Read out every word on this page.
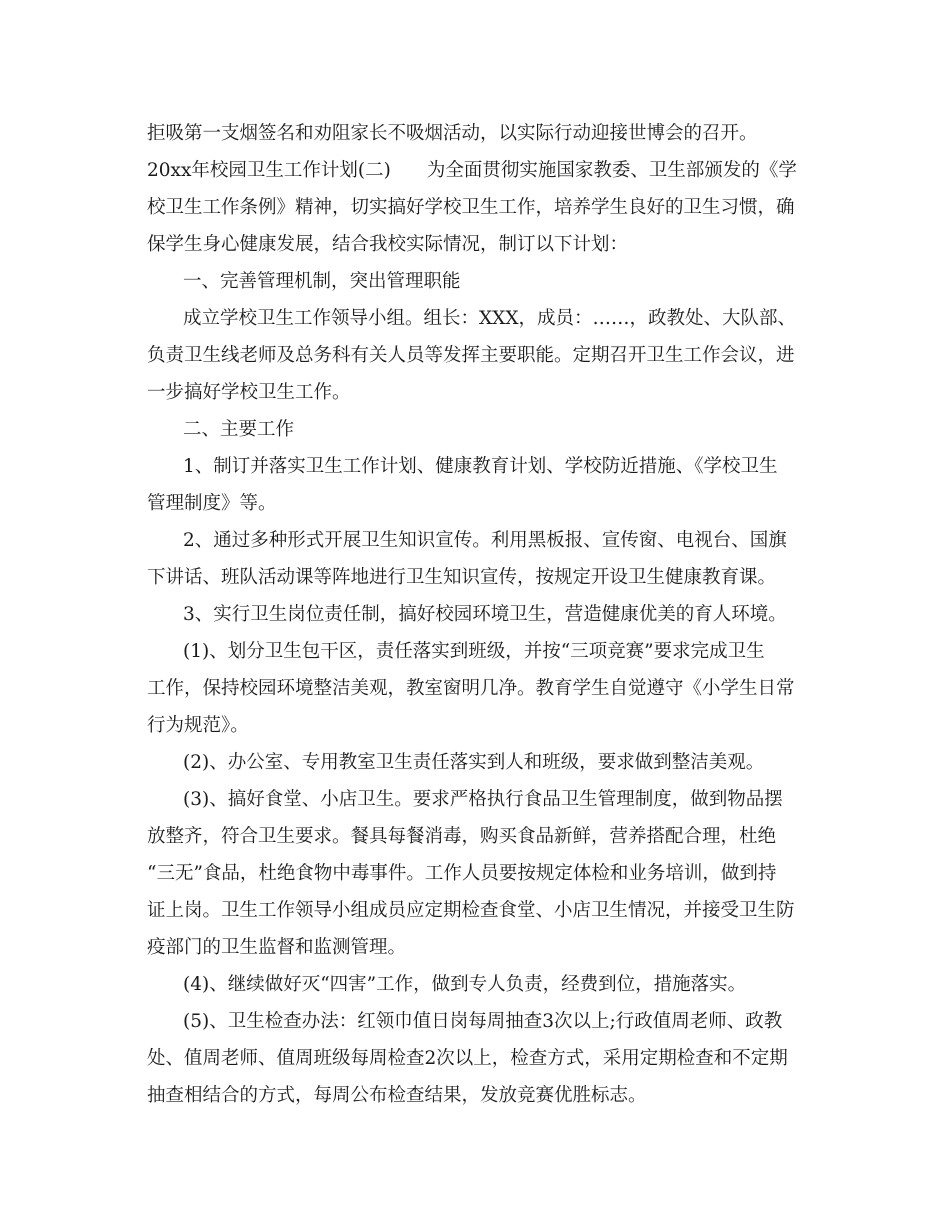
拒吸第一支烟签名和劝阻家长不吸烟活动，以实际行动迎接世博会的召开。
20xx年校园卫生工作计划(二) 为全面贯彻实施国家教委、卫生部颁发的《学
校卫生工作条例》精神，切实搞好学校卫生工作，培养学生良好的卫生习惯，确
保学生身心健康发展，结合我校实际情况，制订以下计划：
一、完善管理机制，突出管理职能
成立学校卫生工作领导小组。组长：XXX，成员：……，政教处、大队部、
负责卫生线老师及总务科有关人员等发挥主要职能。定期召开卫生工作会议，进
一步搞好学校卫生工作。
二、主要工作
1、制订并落实卫生工作计划、健康教育计划、学校防近措施、《学校卫生
管理制度》等。
2、通过多种形式开展卫生知识宣传。利用黑板报、宣传窗、电视台、国旗
下讲话、班队活动课等阵地进行卫生知识宣传，按规定开设卫生健康教育课。
3、实行卫生岗位责任制，搞好校园环境卫生，营造健康优美的育人环境。
(1)、划分卫生包干区，责任落实到班级，并按“三项竞赛”要求完成卫生
工作，保持校园环境整洁美观，教室窗明几净。教育学生自觉遵守《小学生日常
行为规范》。
(2)、办公室、专用教室卫生责任落实到人和班级，要求做到整洁美观。
(3)、搞好食堂、小店卫生。要求严格执行食品卫生管理制度，做到物品摆
放整齐，符合卫生要求。餐具每餐消毒，购买食品新鲜，营养搭配合理，杜绝
“三无”食品，杜绝食物中毒事件。工作人员要按规定体检和业务培训，做到持
证上岗。卫生工作领导小组成员应定期检查食堂、小店卫生情况，并接受卫生防
疫部门的卫生监督和监测管理。
(4)、继续做好灭“四害”工作，做到专人负责，经费到位，措施落实。
(5)、卫生检查办法：红领巾值日岗每周抽查3次以上;行政值周老师、政教
处、值周老师、值周班级每周检查2次以上，检查方式，采用定期检查和不定期
抽查相结合的方式，每周公布检查结果，发放竞赛优胜标志。
